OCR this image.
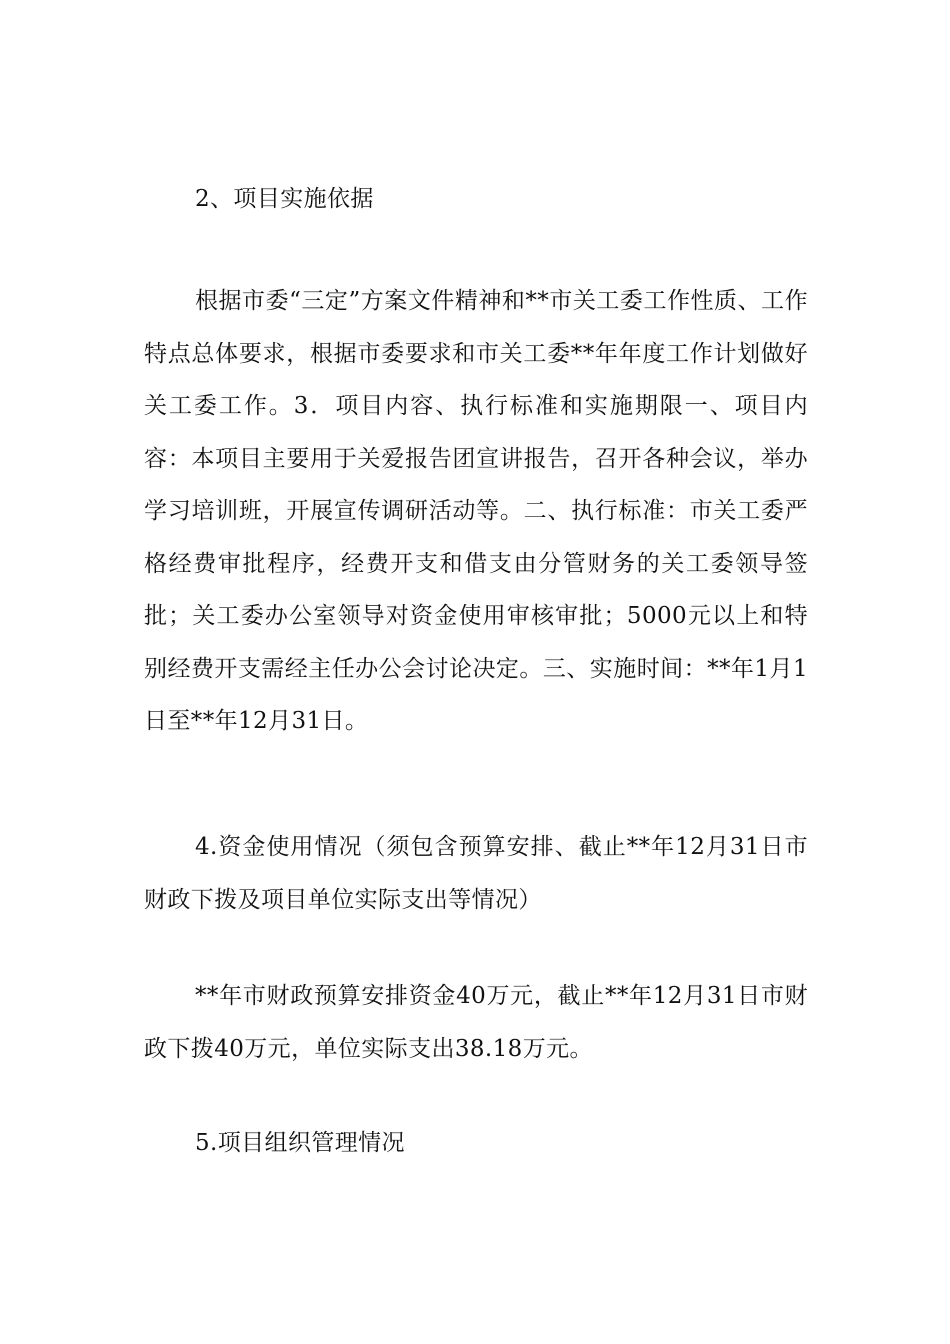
2、项目实施依据

根据市委“三定”方案文件精神和**市关工委工作性质、工作特点总体要求，根据市委要求和市关工委**年年度工作计划做好关工委工作。3．项目内容、执行标准和实施期限一、项目内容：本项目主要用于关爱报告团宣讲报告，召开各种会议，举办学习培训班，开展宣传调研活动等。二、执行标准：市关工委严格经费审批程序，经费开支和借支由分管财务的关工委领导签批；关工委办公室领导对资金使用审核审批；5000元以上和特别经费开支需经主任办公会讨论决定。三、实施时间：**年1月1日至**年12月31日。

4.资金使用情况（须包含预算安排、截止**年12月31日市财政下拨及项目单位实际支出等情况）

**年市财政预算安排资金40万元，截止**年12月31日市财政下拨40万元，单位实际支出38.18万元。

5.项目组织管理情况
